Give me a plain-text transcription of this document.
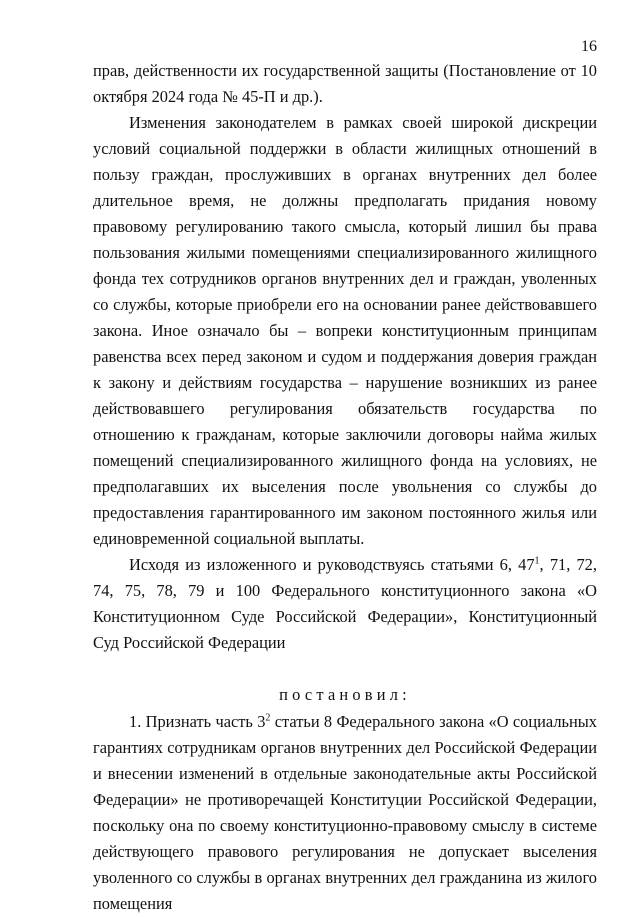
16

прав, действенности их государственной защиты (Постановление от 10 октября 2024 года № 45-П и др.).

Изменения законодателем в рамках своей широкой дискреции условий социальной поддержки в области жилищных отношений в пользу граждан, прослуживших в органах внутренних дел более длительное время, не должны предполагать придания новому правовому регулированию такого смысла, который лишил бы права пользования жилыми помещениями специализированного жилищного фонда тех сотрудников органов внутренних дел и граждан, уволенных со службы, которые приобрели его на основании ранее действовавшего закона. Иное означало бы – вопреки конституционным принципам равенства всех перед законом и судом и поддержания доверия граждан к закону и действиям государства – нарушение возникших из ранее действовавшего регулирования обязательств государства по отношению к гражданам, которые заключили договоры найма жилых помещений специализированного жилищного фонда на условиях, не предполагавших их выселения после увольнения со службы до предоставления гарантированного им законом постоянного жилья или единовременной социальной выплаты.

Исходя из изложенного и руководствуясь статьями 6, $47^1$, 71, 72, 74, 75, 78, 79 и 100 Федерального конституционного закона «О Конституционном Суде Российской Федерации», Конституционный Суд Российской Федерации

постановил:

1. Признать часть $3^2$ статьи 8 Федерального закона «О социальных гарантиях сотрудникам органов внутренних дел Российской Федерации и внесении изменений в отдельные законодательные акты Российской Федерации» не противоречащей Конституции Российской Федерации, поскольку она по своему конституционно-правовому смыслу в системе действующего правового регулирования не допускает выселения уволенного со службы в органах внутренних дел гражданина из жилого помещения
